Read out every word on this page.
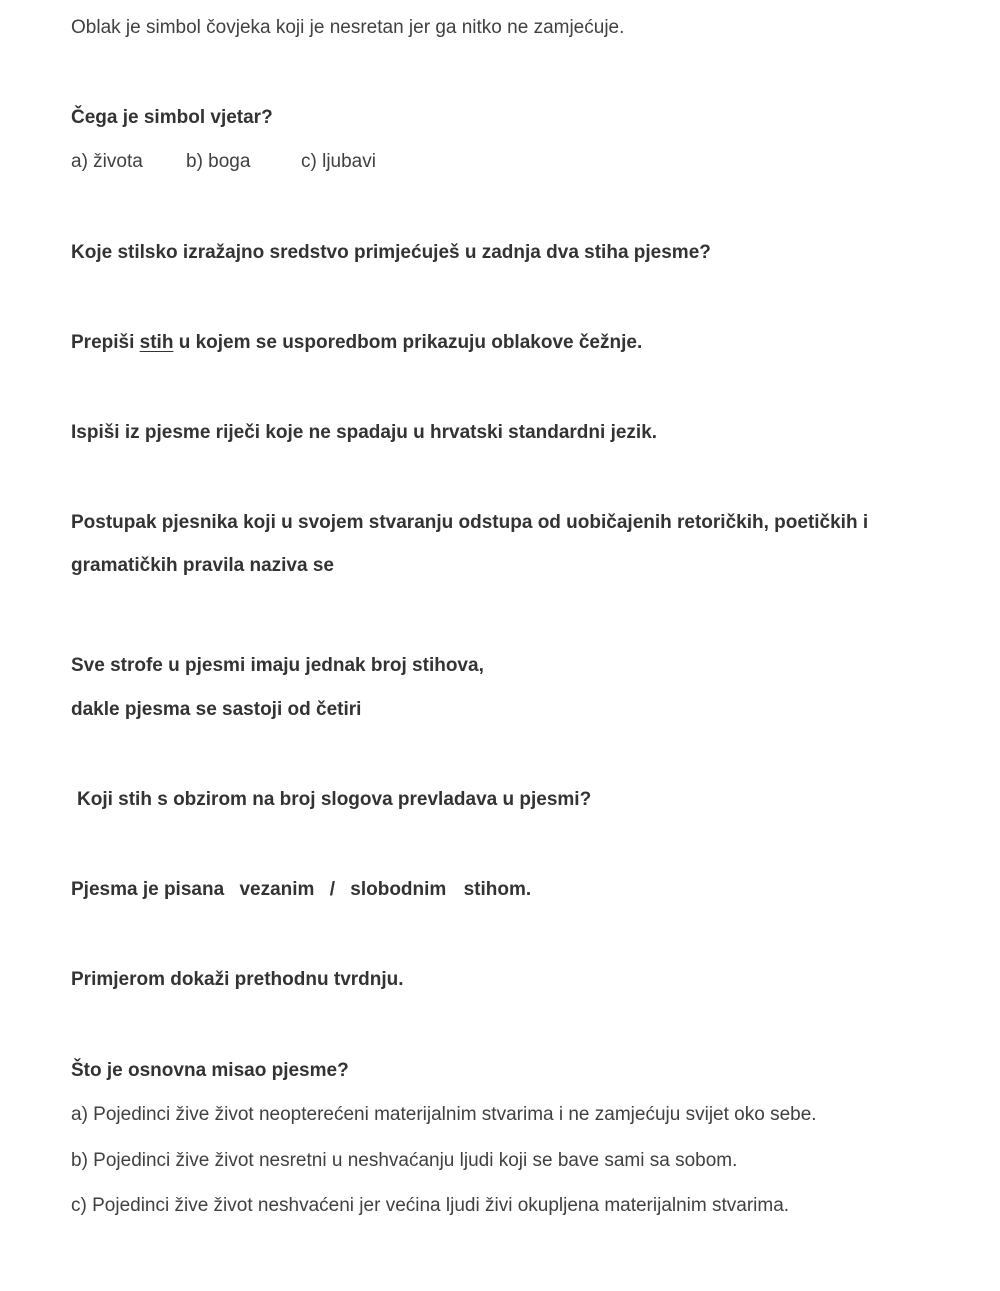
Oblak je simbol čovjeka koji je nesretan jer ga nitko ne zamjećuje.
Čega je simbol vjetar?
a) života b) boga	c) ljubavi
Koje stilsko izražajno sredstvo primjećuješ u zadnja dva stiha pjesme?
Prepiši stih u kojem se usporedbom prikazuju oblakove čežnje.
Ispiši iz pjesme riječi koje ne spadaju u hrvatski standardni jezik.
Postupak pjesnika koji u svojem stvaranju odstupa od uobičajenih retoričkih, poetičkih i
gramatičkih pravila naziva se
Sve strofe u pjesmi imaju jednak broj stihova,
dakle pjesma se sastoji od četiri
Koji stih s obzirom na broj slogova prevladava u pjesmi?
Pjesma je pisana vezanim / slobodnim stihom.
Primjerom dokaži prethodnu tvrdnju.
Što je osnovna misao pjesme?
a) Pojedinci žive život neopterećeni materijalnim stvarima i ne zamjećuju svijet oko sebe.
b) Pojedinci žive život nesretni u neshvaćanju ljudi koji se bave sami sa sobom.
c) Pojedinci žive život neshvaćeni jer većina ljudi živi okupljena materijalnim stvarima.
